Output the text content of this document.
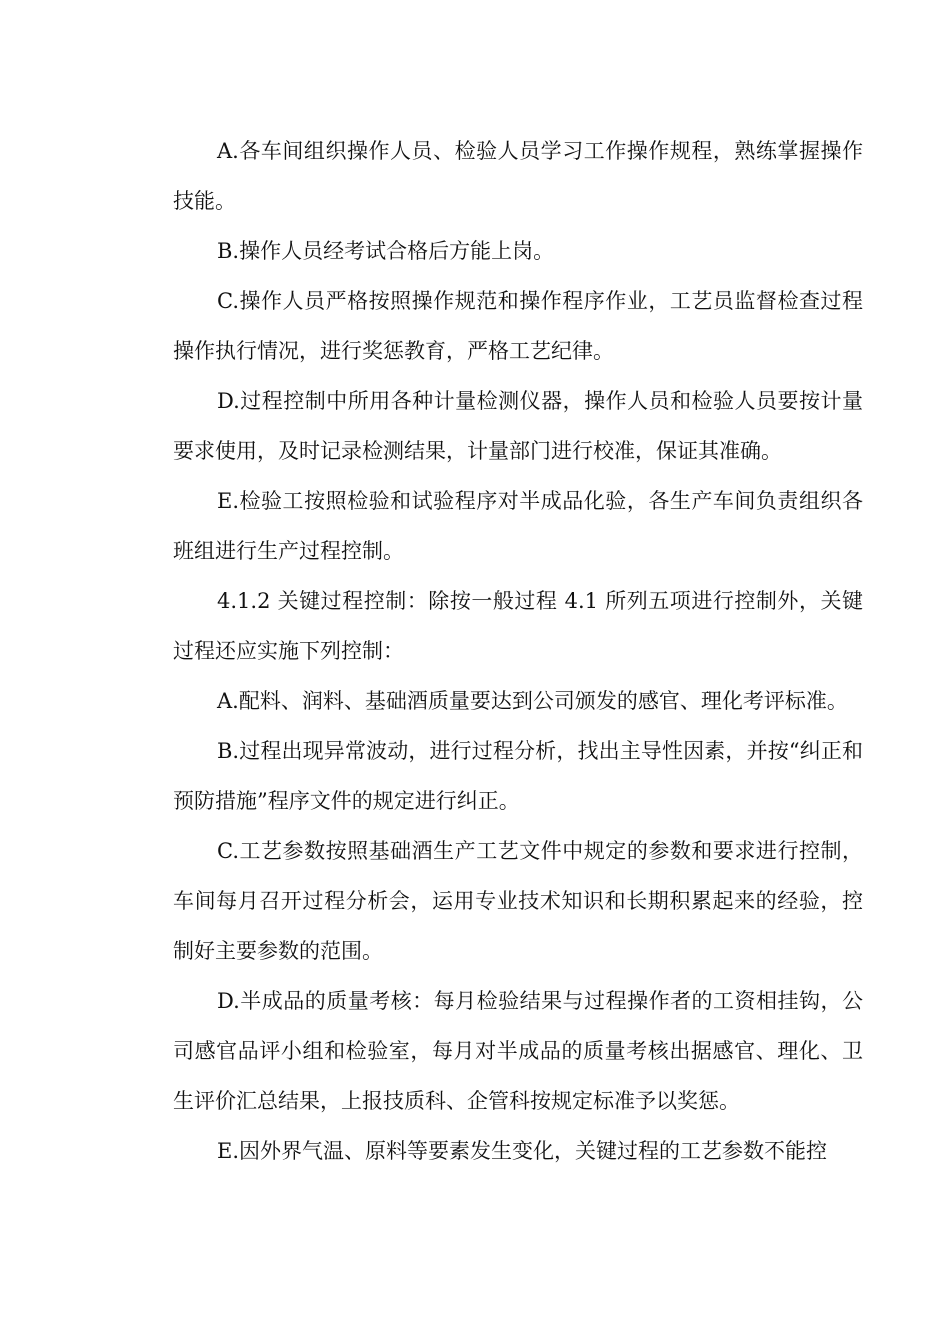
A.各车间组织操作人员、检验人员学习工作操作规程，熟练掌握操作技能。

B.操作人员经考试合格后方能上岗。

C.操作人员严格按照操作规范和操作程序作业，工艺员监督检查过程操作执行情况，进行奖惩教育，严格工艺纪律。

D.过程控制中所用各种计量检测仪器，操作人员和检验人员要按计量要求使用，及时记录检测结果，计量部门进行校准，保证其准确。

E.检验工按照检验和试验程序对半成品化验，各生产车间负责组织各班组进行生产过程控制。

4.1.2 关键过程控制：除按一般过程 4.1 所列五项进行控制外，关键过程还应实施下列控制：

A.配料、润料、基础酒质量要达到公司颁发的感官、理化考评标准。

B.过程出现异常波动，进行过程分析，找出主导性因素，并按“纠正和预防措施”程序文件的规定进行纠正。

C.工艺参数按照基础酒生产工艺文件中规定的参数和要求进行控制，车间每月召开过程分析会，运用专业技术知识和长期积累起来的经验，控制好主要参数的范围。

D.半成品的质量考核：每月检验结果与过程操作者的工资相挂钩，公司感官品评小组和检验室，每月对半成品的质量考核出据感官、理化、卫生评价汇总结果，上报技质科、企管科按规定标准予以奖惩。

E.因外界气温、原料等要素发生变化，关键过程的工艺参数不能控
